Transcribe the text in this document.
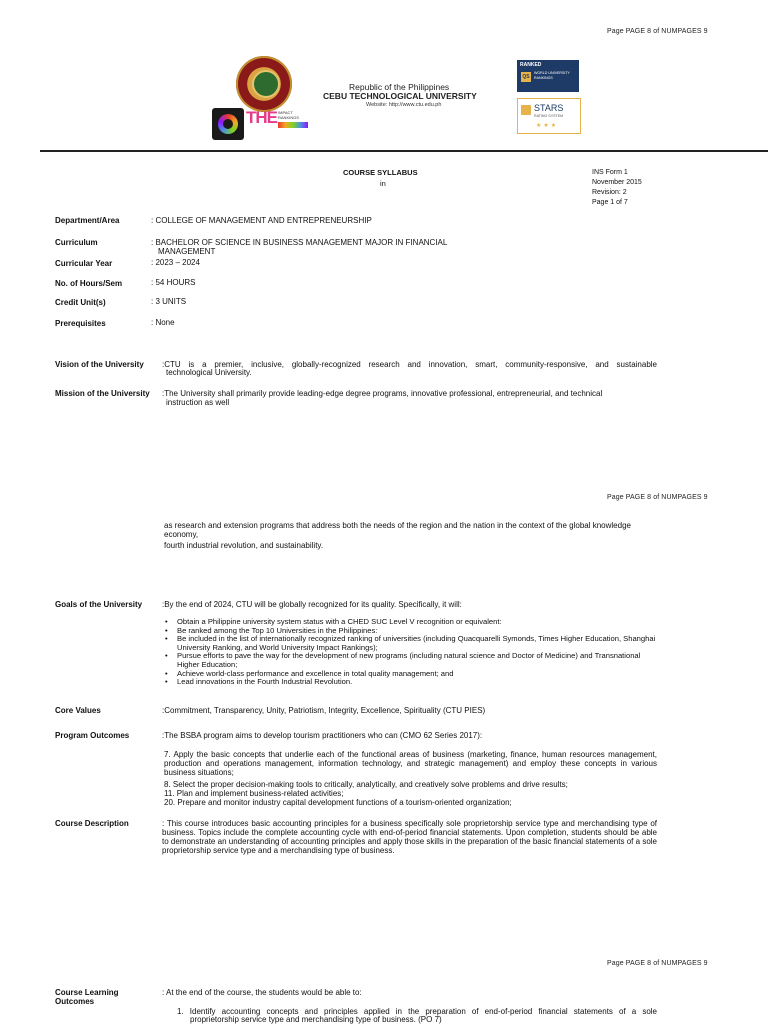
Page PAGE 8 of NUMPAGES 9
Page PAGE 8 of NUMPAGES 9
Page PAGE 8 of NUMPAGES 9
THE IMPACT RANKINGS
Republic of the Philippines
CEBU TECHNOLOGICAL UNIVERSITY
Website: http://www.ctu.edu.ph
RANKED
QS
WORLD UNIVERSITY RANKINGS
STARS
RATING SYSTEM
★★★
COURSE SYLLABUS
in
INS Form 1
November 2015
Revision: 2
Page 1 of 7
Department/Area	: COLLEGE OF MANAGEMENT AND ENTREPRENEURSHIP
Curriculum	: BACHELOR OF SCIENCE IN BUSINESS MANAGEMENT MAJOR IN FINANCIAL
MANAGEMENT
Curricular Year	: 2023 – 2024
No. of Hours/Sem	: 54 HOURS
Credit Unit(s)	: 3 UNITS
Prerequisites	: None
Vision of the University :CTU is a premier, inclusive, globally-recognized research and innovation, smart, community-responsive, and sustainable
technological University.
Mission of the University :The University shall primarily provide leading-edge degree programs, innovative professional, entrepreneurial, and technical
instruction as well
as research and extension programs that address both the needs of the region and the nation in the context of the global knowledge
economy,
fourth industrial revolution, and sustainability.
Goals of the University :By the end of 2024, CTU will be globally recognized for its quality. Specifically, it will:
• Obtain a Philippine university system status with a CHED SUC Level V recognition or equivalent:
• Be ranked among the Top 10 Universities in the Philippines:
• Be included in the list of internationally recognized ranking of universities (including Quacquarelli Symonds, Times Higher Education, Shanghai University Ranking, and World University Impact Rankings);
• Pursue efforts to pave the way for the development of new programs (including natural science and Doctor of Medicine) and Transnational Higher Education;
• Achieve world-class performance and excellence in total quality management; and
• Lead innovations in the Fourth Industrial Revolution.
Core Values	:Commitment, Transparency, Unity, Patriotism, Integrity, Excellence, Spirituality (CTU PIES)
Program Outcomes	:The BSBA program aims to develop tourism practitioners who can (CMO 62 Series 2017):
7. Apply the basic concepts that underlie each of the functional areas of business (marketing, finance, human resources management, production and operations management, information technology, and strategic management) and employ these concepts in various business situations;
8. Select the proper decision-making tools to critically, analytically, and creatively solve problems and drive results;
11. Plan and implement business-related activities;
20. Prepare and monitor industry capital development functions of a tourism-oriented organization;
Course Description	: This course introduces basic accounting principles for a business specifically sole proprietorship service type and merchandising type of business. Topics include the complete accounting cycle with end-of-period financial statements. Upon completion, students should be able to demonstrate an understanding of accounting principles and apply those skills in the preparation of the basic financial statements of a sole proprietorship service type and a merchandising type of business.
Course Learning
Outcomes
: At the end of the course, the students would be able to:
1. Identify accounting concepts and principles applied in the preparation of end-of-period financial statements of a sole
proprietorship service type and merchandising type of business. (PO 7)
